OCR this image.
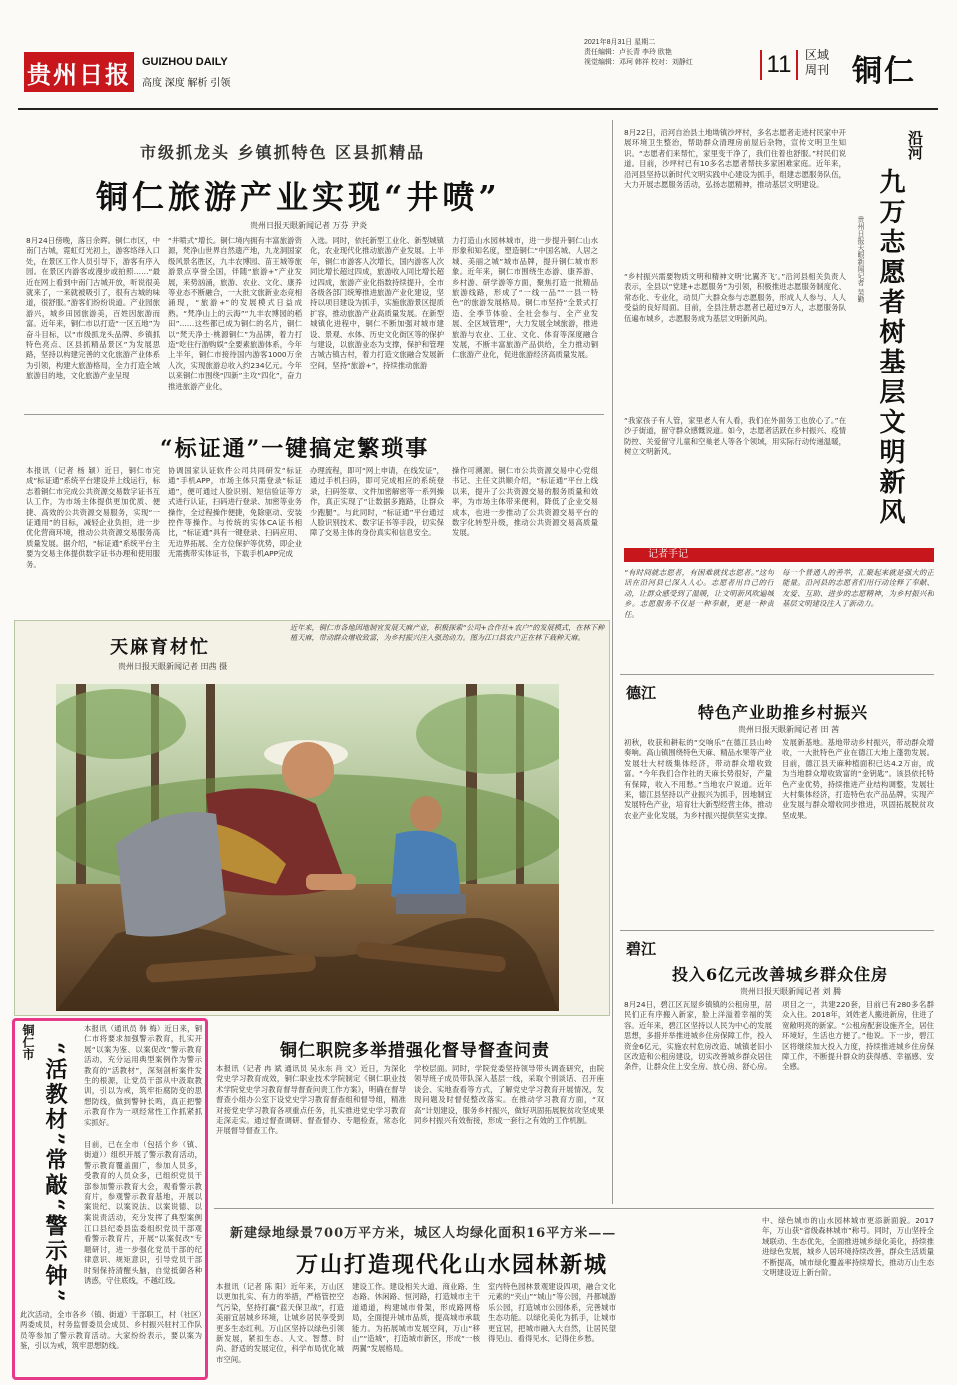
贵州日报 GUIZHOU DAILY
高度 深度 解析 引领
2021年8月31日 星期二
责任编辑：卢长青 李玲 欧艳
视觉编辑：邓珂 韩祥 校对：刘静红	11	区域
周刊 铜仁
市级抓龙头 乡镇抓特色 区县抓精品
铜仁旅游产业实现“井喷”
贵州日报天眼新闻记者 万芬 尹炎
8月24日傍晚，落日余晖。铜仁市区，中南门古城，霓虹灯光初上，游客络绎入口处，在景区工作人员引导下，游客有序入园。在景区内游客或漫步或拍照……“最近在网上看到中南门古城开放，听说很美就来了，一来就被吸引了，很有古城的味道，很舒服。”游客们纷纷说道。产业园旅游兴，城乡田园旅游美，百姓因旅游而富。近年来，铜仁市以打造“一区五地”为奋斗目标，以“市级抓龙头品牌、乡镇抓特色亮点、区县抓精品景区”为发展思路，坚持以构建完善的文化旅游产业体系为引领，构建大旅游格局，全力打造全域旅游目的地，文化旅游产业呈现
“井喷式”增长。铜仁境内拥有丰富旅游资源，梵净山世界自然遗产地，九龙洞国家级风景名胜区，九丰农博园、苗王城等旅游景点享誉全国，伴随“旅游+”产业发展，来势汹涌，旅游、农业、文化、康养等业态不断融合，一大批文旅新业态竞相涌现，“旅游+”的发展模式日益成熟。“梵净山上的云海”“九丰农博园的稻田”……这些都已成为铜仁的名片，铜仁以“梵天净土·桃源铜仁”为品牌，着力打造“吃住行游购娱”全要素旅游体系，今年上半年，铜仁市接待国内游客1000万余人次，实现旅游总收入约234亿元。今年以来铜仁市围绕“四新”主攻“四化”，奋力推进旅游产业化，
入选。同时，依托新型工业化、新型城镇化，农业现代化推动旅游产业发展。上半年，铜仁市游客人次增长，国内游客人次同比增长超过四成，旅游收入同比增长超过四成，旅游产业化指数持续提升，全市各级各部门统筹推进旅游产业化建设，坚持以项目建设为抓手，实施旅游景区提质扩容，推动旅游产业高质量发展。在新型城镇化进程中，铜仁不断加强对城市建设、景观、水体、历史文化街区等的保护与建设，以旅游业态为支撑，保护和管理古城古镇古村，着力打造文旅融合发展新空间，坚持“旅游+”，持续推动旅游
力打造山水园林城市，进一步提升铜仁山水形象和知名度，塑造铜仁“中国名城、人居之城、美丽之城”城市品牌，提升铜仁城市形象。近年来，铜仁市围绕生态游、康养游、乡村游、研学游等方面，聚焦打造一批精品旅游线路，形成了“一线一品”“一县一特色”的旅游发展格局。铜仁市坚持“全景式打造、全季节体验、全社会参与、全产业发展、全区域管理”，大力发展全域旅游，推进旅游与农业、工业、文化、体育等深度融合发展，不断丰富旅游产品供给，全力推动铜仁旅游产业化，促进旅游经济高质量发展。
“标证通”一键搞定繁琐事
本报讯（记者 杨 颖）近日，铜仁市完成“标证通”系统平台建设并上线运行，标志着铜仁市完成公共资源交易数字证书互认工作，为市场主体提供更加优质、便捷、高效的公共资源交易服务，实现“一证通用”的目标，减轻企业负担，进一步优化营商环境，推动公共资源交易服务高质量发展。据介绍，“标证通”系统平台主要为交易主体提供数字证书办理和使用服务。
协调国家认证软件公司共同研发“标证通”手机APP，市场主体只需登录“标证通”，便可通过人脸识别、短信验证等方式进行认证，扫码进行登录、加密等业务操作，全过程操作便捷，免除驱动、安装控件等操作。与传统的实体CA证书相比，“标证通”具有一键登录、扫码应用、无边界拓展、全方位保护等优势，即企业无需携带实体证书，下载手机APP完成
办理流程，即可“网上申请，在线发证”，通过手机扫码，即可完成相应的系统登录，扫码签章、文件加密解密等一系列操作，真正实现了“让数据多跑路，让群众少跑腿”。与此同时，“标证通”平台通过人脸识别技术、数字证书等手段，切实保障了交易主体的身份真实和信息安全。
操作可溯源。铜仁市公共资源交易中心党组书记、主任文洪顺介绍，“标证通”平台上线以来，提升了公共资源交易的服务质量和效率，为市场主体带来便利，降低了企业交易成本，也进一步推动了公共资源交易平台的数字化转型升级，推动公共资源交易高质量发展。
天麻育材忙
贵州日报天眼新闻记者 田茜 摄
近年来，铜仁市各地因地制宜发展天麻产业，积极探索“公司+合作社+农户”的发展模式，在林下种植天麻，带动群众增收致富，为乡村振兴注入强劲动力。图为江口县农户正在林下栽种天麻。
铜仁市 “活教材”常敲“警示钟”
本报讯（通讯员 韩 梅）近日来，铜仁市将要求加强警示教育，扎实开展“以案为鉴、以案促改”警示教育活动，充分运用典型案例作为警示教育的“活教材”，深刻剖析案件发生的根源，让党员干部从中汲取教训，引以为戒，筑牢拒腐防变的思想防线，做到警钟长鸣，真正把警示教育作为一项经常性工作抓紧抓实抓好。
目前，已在全市（包括个乡（镇、街道））组织开展了警示教育活动，警示教育覆盖面广，参加人员多，受教育的人员众多，已组织党员干部参加警示教育大会，观看警示教育片，参观警示教育基地，开展以案说纪、以案说法、以案说德、以案说责活动，充分发挥了典型案例
江口县纪委县监委组织党员干部观看警示教育片，开展“以案促改”专题研讨，进一步强化党员干部的纪律意识、规矩意识，引导党员干部时刻保持清醒头脑，自觉抵御各种诱惑，守住底线，不越红线。
此次活动，全市各乡（镇、街道）干部职工，村（社区）两委成员，村务监督委员会成员、乡村振兴驻村工作队员等参加了警示教育活动。大家纷纷表示，要以案为鉴，引以为戒，筑牢思想防线。
铜仁职院多举措强化督导督查问责
本报讯（记者 冉 斌 通讯员 吴永东 肖 文）近日，为深化党史学习教育成效，铜仁职业技术学院制定《铜仁职业技术学院党史学习教育督导督查问责工作方案》，明确在督导督查小组办公室下设党史学习教育督查组和督导组，精准对接党史学习教育各项重点任务，扎实推进党史学习教育走深走实。通过督查调研、督查督办、专题检查，常态化开展督导督查工作。
学校层面。同时，学院党委坚持领导带头调查研究，由院领导班子成员带队深入基层一线，采取个别谈话、召开座谈会、实地查看等方式，了解党史学习教育开展情况，发现问题及时督促整改落实。在推动学习教育方面，“双高”计划建设，服务乡村振兴，做好巩固拓展脱贫攻坚成果同乡村振兴有效衔接，形成一套行之有效的工作机制。
新建绿地绿景700万平方米，城区人均绿化面积16平方米——
万山打造现代化山水园林新城
本报讯（记者 陈 阳）近年来，万山区以更加扎实、有力的举措，严格管控空气污染，坚持打赢“蓝天保卫战”，打造美丽宜居城乡环境，让城乡居民享受到更多生态红利。万山区坚持以绿色引领新发展，紧扣生态、人文、智慧、时尚、舒适的发展定位，科学布局优化城市空间。
建设工作。建设相关大道、商业路、生态路、休闲路、恒河路，打造城市主干道通道，构建城市骨架，形成路网格局，全面提升城市品质，提高城市承载能力。为拓展城市发展空间，万山“移山”“造城”，打造城市新区，形成“一核两翼”发展格局。
室内特色园林景观建设四项，融合文化元素的“夹山”“城山”等公园，丹都城游乐公园，打造城市公园体系，完善城市生态功能。以绿化美化为抓手，让城市更宜居，把城市融入大自然，让居民望得见山、看得见水、记得住乡愁。
中、绿色城市的山水园林城市更添新面貌。2017年，万山获“省级森林城市”称号。同时，万山坚持全域联动、生态优先，全面推进城乡绿化美化，持续推进绿色发展，城乡人居环境持续改善，群众生活质量不断提高，城市绿化覆盖率持续增长，推动万山生态文明建设迈上新台阶。
沿河
九万志愿者树基层文明新风
贵州日报天眼新闻记者 吴勤
8月22日，沿河自治县土地坳镇沙坪村，多名志愿者走进村民家中开展环境卫生整治，帮助群众清理房前屋后杂物，宣传文明卫生知识。“志愿者们来帮忙，家里变干净了，我们住着也舒服。”村民们说道。目前，沙坪村已有10多名志愿者帮扶多家困难家庭。近年来，沿河县坚持以新时代文明实践中心建设为抓手，组建志愿服务队伍，大力开展志愿服务活动，弘扬志愿精神，推动基层文明建设。
“乡村振兴需要物质文明和精神文明‘比翼齐飞’。”沿河县相关负责人表示，全县以“党建+志愿服务”为引领，积极推进志愿服务制度化、常态化、专业化，动员广大群众参与志愿服务，形成人人参与、人人受益的良好局面。目前，全县注册志愿者已超过9万人，志愿服务队伍遍布城乡，志愿服务成为基层文明新风尚。
“我家孩子有人管，家里老人有人看，我们在外面务工也放心了。”在沙子街道，留守群众感慨说道。如今，志愿者活跃在乡村振兴、疫情防控、关爱留守儿童和空巢老人等各个领域，用实际行动传递温暖，树立文明新风。
记者手记
“有时间就志愿者，有困难就找志愿者。”这句话在沿河县已深入人心。志愿者用自己的行动，让群众感受到了温暖，让文明新风吹遍城乡。志愿服务不仅是一种奉献，更是一种责任。
每一个普通人的善举，汇聚起来就是强大的正能量。沿河县的志愿者们用行动诠释了奉献、友爱、互助、进步的志愿精神，为乡村振兴和基层文明建设注入了新动力。
德江
特色产业助推乡村振兴
贵州日报天眼新闻记者 田 茜
初秋，收获和耕耘的“交响乐”在德江县山岭奏响。高山镇围绕特色天麻、精品水果等产业发展壮大村级集体经济，带动群众增收致富。“今年我们合作社的天麻长势很好，产量有保障，收入不用愁。”当地农户说道。近年来，德江县坚持以产业振兴为抓手，因地制宜发展特色产业，培育壮大新型经营主体，推动农业产业化发展，为乡村振兴提供坚实支撑。
发展新基地。基地带动乡村振兴，带动群众增收，一大批特色产业在德江大地上蓬勃发展。目前，德江县天麻种植面积已达4.2万亩，成为当地群众增收致富的“金钥匙”。该县依托特色产业优势，持续推进产业结构调整，发展壮大村集体经济，打造特色农产品品牌，实现产业发展与群众增收同步推进，巩固拓展脱贫攻坚成果。
碧江
投入6亿元改善城乡群众住房
贵州日报天眼新闻记者 刘 腾
8月24日，碧江区瓦屋乡镇镇的公租房里，居民们正有序搬入新家，脸上洋溢着幸福的笑容。近年来，碧江区坚持以人民为中心的发展思想，多措并举推进城乡住房保障工作，投入资金6亿元，实施农村危房改造、城镇老旧小区改造和公租房建设，切实改善城乡群众居住条件，让群众住上安全房、放心房、舒心房。
项目之一，共建220套，目前已有280多名群众入住。2018年，刘姓老人搬进新房，住进了宽敞明亮的新家。“公租房配套设施齐全，居住环境好，生活也方便了。”他说。下一步，碧江区将继续加大投入力度，持续推进城乡住房保障工作，不断提升群众的获得感、幸福感、安全感。
